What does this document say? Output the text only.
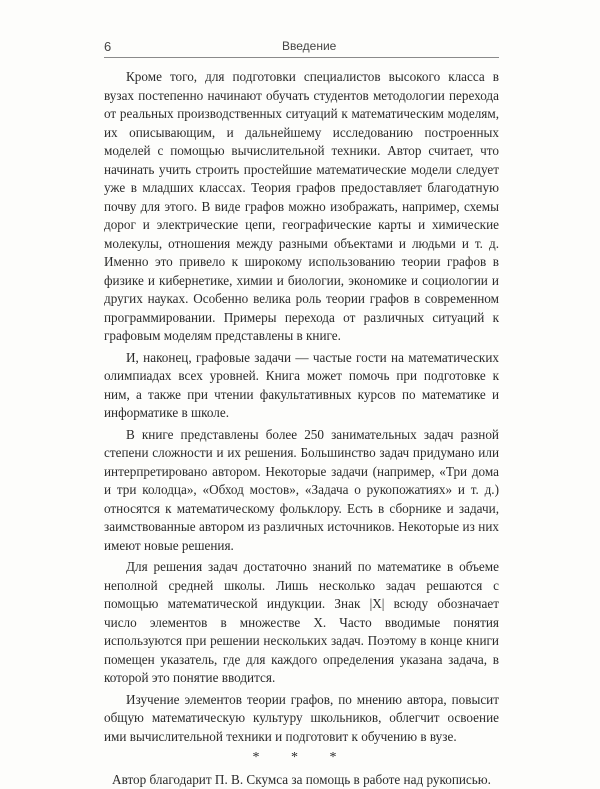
6	Введение

Кроме того, для подготовки специалистов высокого класса в вузах постепенно начинают обучать студентов методологии перехода от реальных производственных ситуаций к математическим моделям, их описывающим, и дальнейшему исследованию построенных моделей с помощью вычислительной техники. Автор считает, что начинать учить строить простейшие математические модели следует уже в младших классах. Теория графов предоставляет благодатную почву для этого. В виде графов можно изображать, например, схемы дорог и электрические цепи, географические карты и химические молекулы, отношения между разными объектами и людьми и т. д. Именно это привело к широкому использованию теории графов в физике и кибернетике, химии и биологии, экономике и социологии и других науках. Особенно велика роль теории графов в современном программировании. Примеры перехода от различных ситуаций к графовым моделям представлены в книге.

И, наконец, графовые задачи — частые гости на математических олимпиадах всех уровней. Книга может помочь при подготовке к ним, а также при чтении факультативных курсов по математике и информатике в школе.

В книге представлены более 250 занимательных задач разной степени сложности и их решения. Большинство задач придумано или интерпретировано автором. Некоторые задачи (например, «Три дома и три колодца», «Обход мостов», «Задача о рукопожатиях» и т. д.) относятся к математическому фольклору. Есть в сборнике и задачи, заимствованные автором из различных источников. Некоторые из них имеют новые решения.

Для решения задач достаточно знаний по математике в объеме неполной средней школы. Лишь несколько задач решаются с помощью математической индукции. Знак |X| всюду обозначает число элементов в множестве X. Часто вводимые понятия используются при решении нескольких задач. Поэтому в конце книги помещен указатель, где для каждого определения указана задача, в которой это понятие вводится.

Изучение элементов теории графов, по мнению автора, повысит общую математическую культуру школьников, облегчит освоение ими вычислительной техники и подготовит к обучению в вузе.

* * *

Автор благодарит П. В. Скумса за помощь в работе над рукописью.
